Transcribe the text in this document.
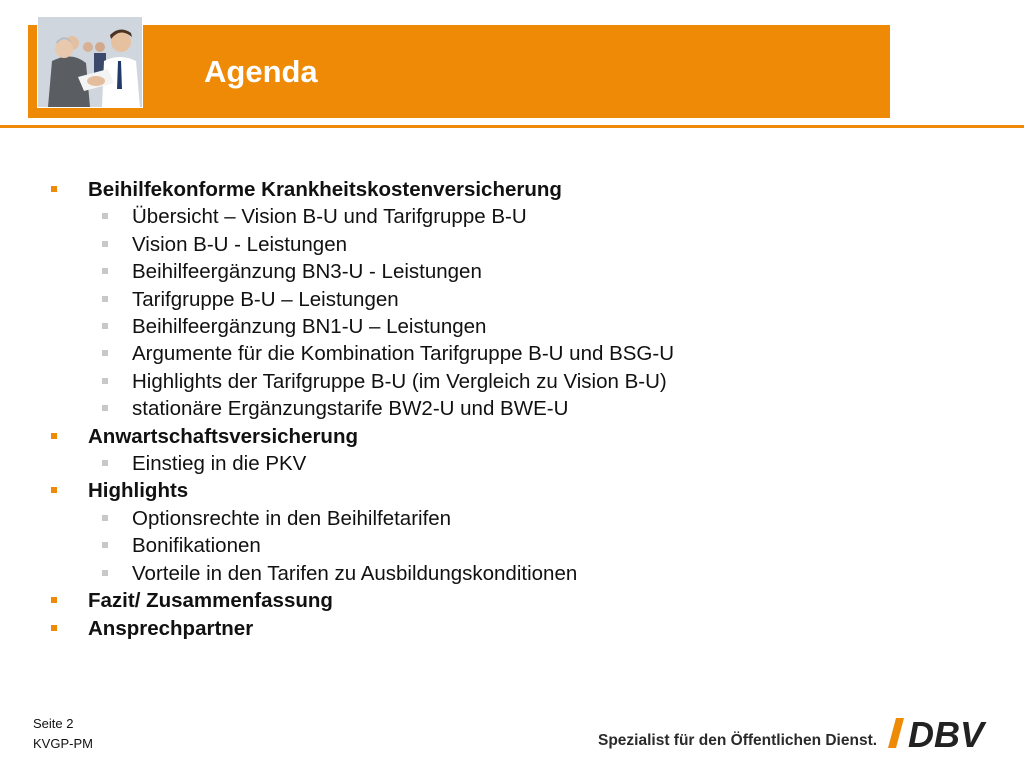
Agenda
Beihilfekonforme Krankheitskostenversicherung
Übersicht – Vision B-U und Tarifgruppe B-U
Vision B-U - Leistungen
Beihilfeergänzung BN3-U - Leistungen
Tarifgruppe B-U – Leistungen
Beihilfeergänzung BN1-U – Leistungen
Argumente für die Kombination Tarifgruppe B-U und BSG-U
Highlights der Tarifgruppe B-U (im Vergleich zu Vision B-U)
stationäre Ergänzungstarife BW2-U und BWE-U
Anwartschaftsversicherung
Einstieg in die PKV
Highlights
Optionsrechte in den Beihilfetarifen
Bonifikationen
Vorteile in den Tarifen zu Ausbildungskonditionen
Fazit/ Zusammenfassung
Ansprechpartner
Seite 2
KVGP-PM	Spezialist für den Öffentlichen Dienst. DBV
